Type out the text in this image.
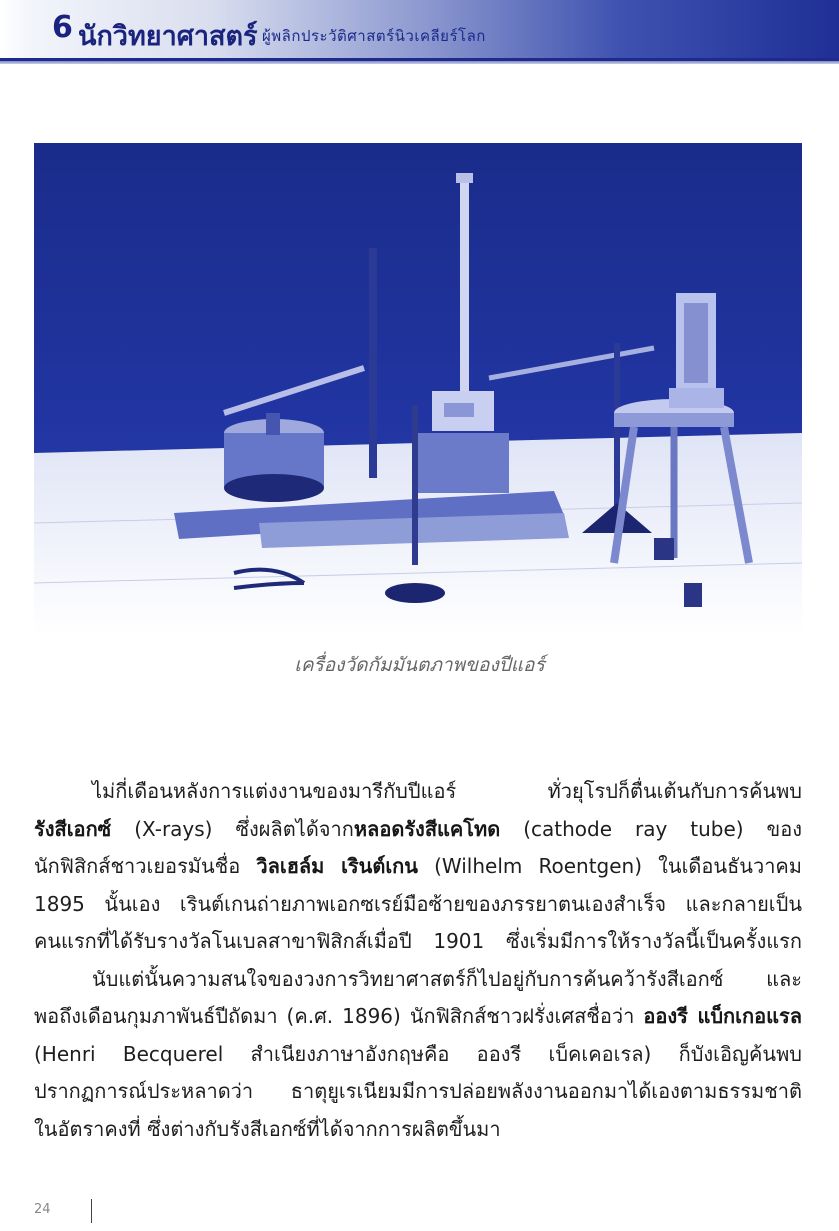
6 นักวิทยาศาสตร์ ผู้พลิกประวัติศาสตร์นิวเคลียร์โลก
เครื่องวัดกัมมันตภาพของปีแอร์

ไม่กี่เดือนหลังการแต่งงานของมารีกับปีแอร์ ทั่วยุโรปก็ตื่นเต้นกับการค้นพบ

รังสีเอกซ์ (X-rays) ซึ่งผลิตได้จากหลอดรังสีแคโทด (cathode ray tube) ของ

นักฟิสิกส์ชาวเยอรมันชื่อ วิลเฮล์ม เรินต์เกน (Wilhelm Roentgen) ในเดือนธันวาคม

1895 นั้นเอง เรินต์เกนถ่ายภาพเอกซเรย์มือซ้ายของภรรยาตนเองสำเร็จ และกลายเป็น

คนแรกที่ได้รับรางวัลโนเบลสาขาฟิสิกส์เมื่อปี 1901 ซึ่งเริ่มมีการให้รางวัลนี้เป็นครั้งแรก

นับแต่นั้นความสนใจของวงการวิทยาศาสตร์ก็ไปอยู่กับการค้นคว้ารังสีเอกซ์ และ

พอถึงเดือนกุมภาพันธ์ปีถัดมา (ค.ศ. 1896) นักฟิสิกส์ชาวฝรั่งเศสชื่อว่า อองรี แบ็กเกอแรล

(Henri Becquerel สำเนียงภาษาอังกฤษคือ อองรี เบ็คเคอเรล) ก็บังเอิญค้นพบ

ปรากฏการณ์ประหลาดว่า ธาตุยูเรเนียมมีการปล่อยพลังงานออกมาได้เองตามธรรมชาติ

ในอัตราคงที่ ซึ่งต่างกับรังสีเอกซ์ที่ได้จากการผลิตขึ้นมา

24
